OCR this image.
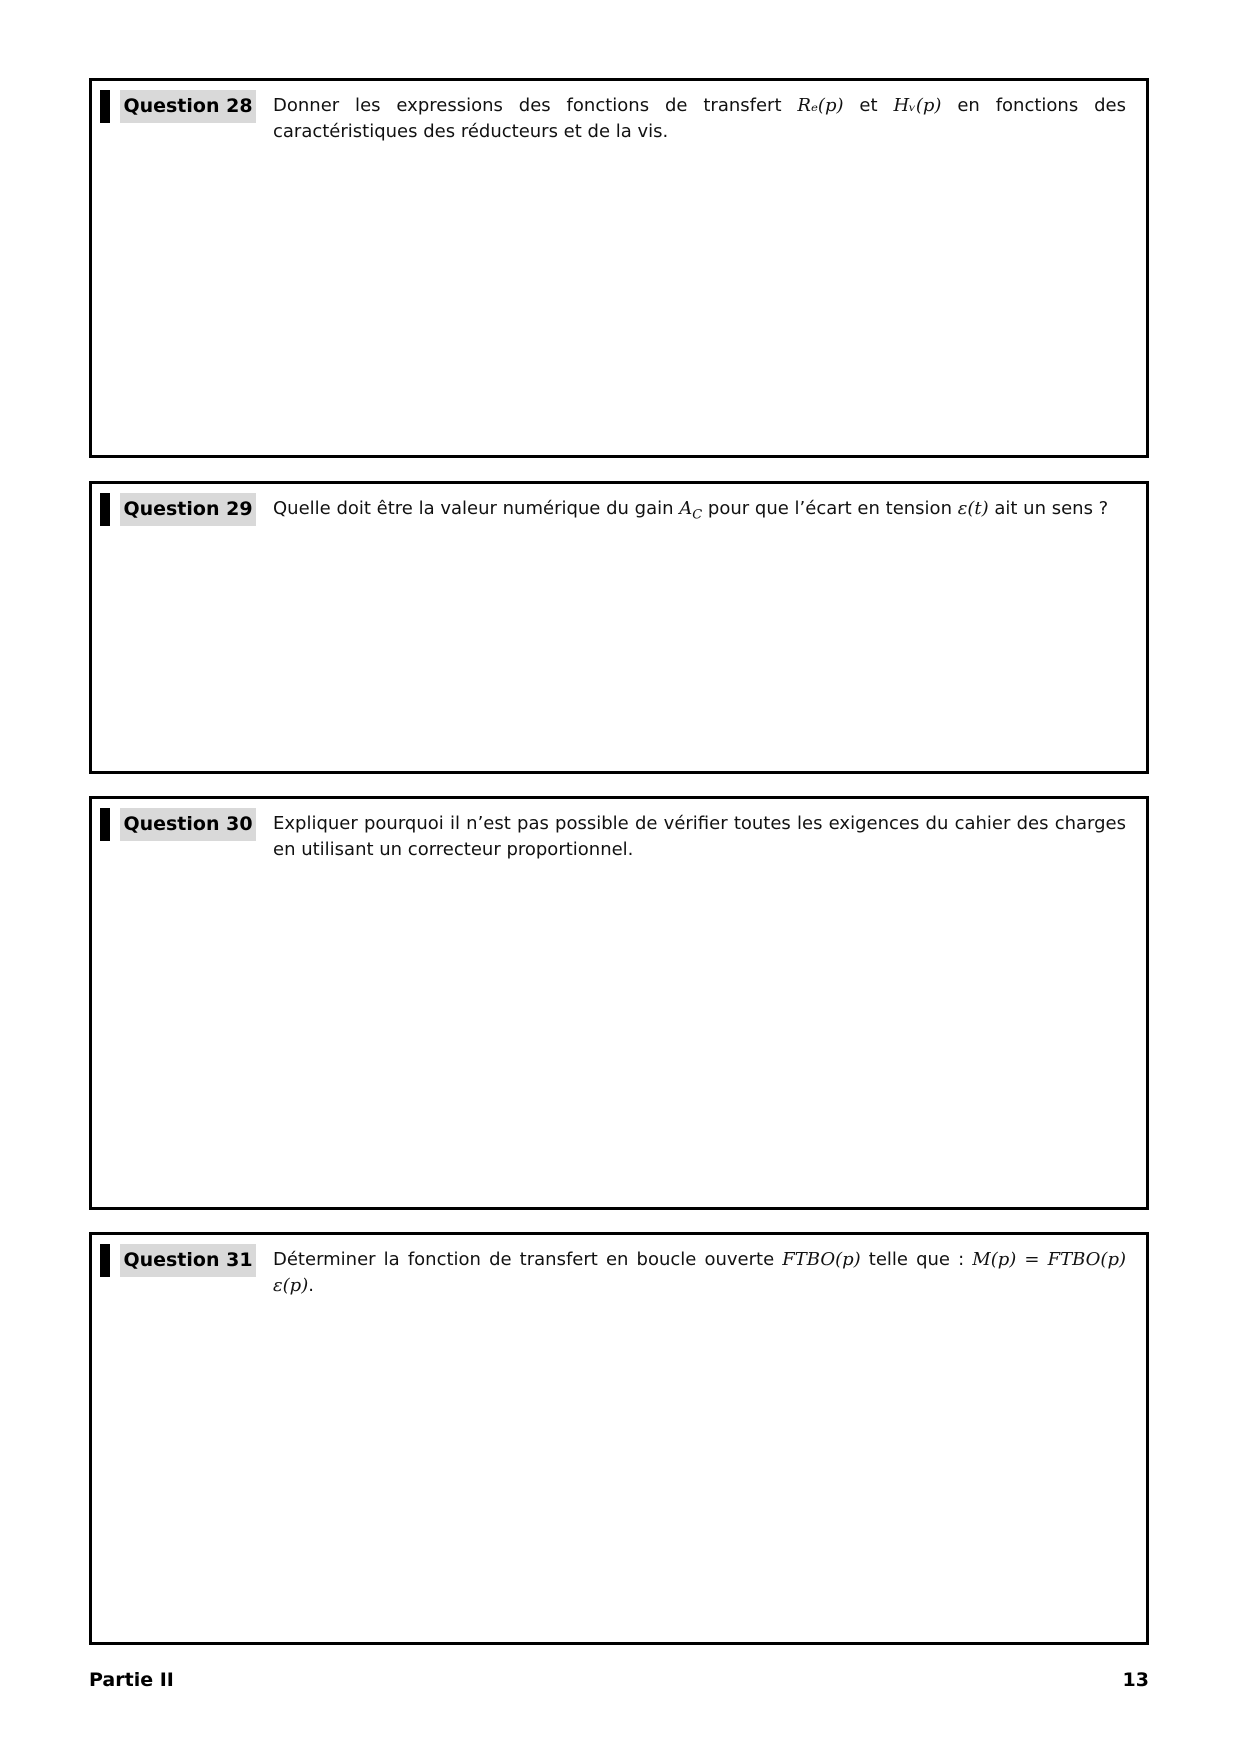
Question 28 Donner les expressions des fonctions de transfert Rₑ(p) et Hᵥ(p) en fonctions des caractéristiques des réducteurs et de la vis.
Question 29 Quelle doit être la valeur numérique du gain $A_C$ pour que l’écart en tension ε(t) ait un sens ?
Question 30 Expliquer pourquoi il n’est pas possible de vérifier toutes les exigences du cahier des charges en utilisant un correcteur proportionnel.
Question 31 Déterminer la fonction de transfert en boucle ouverte FTBO(p) telle que : M(p) = FTBO(p) ε(p).
Partie II	13
